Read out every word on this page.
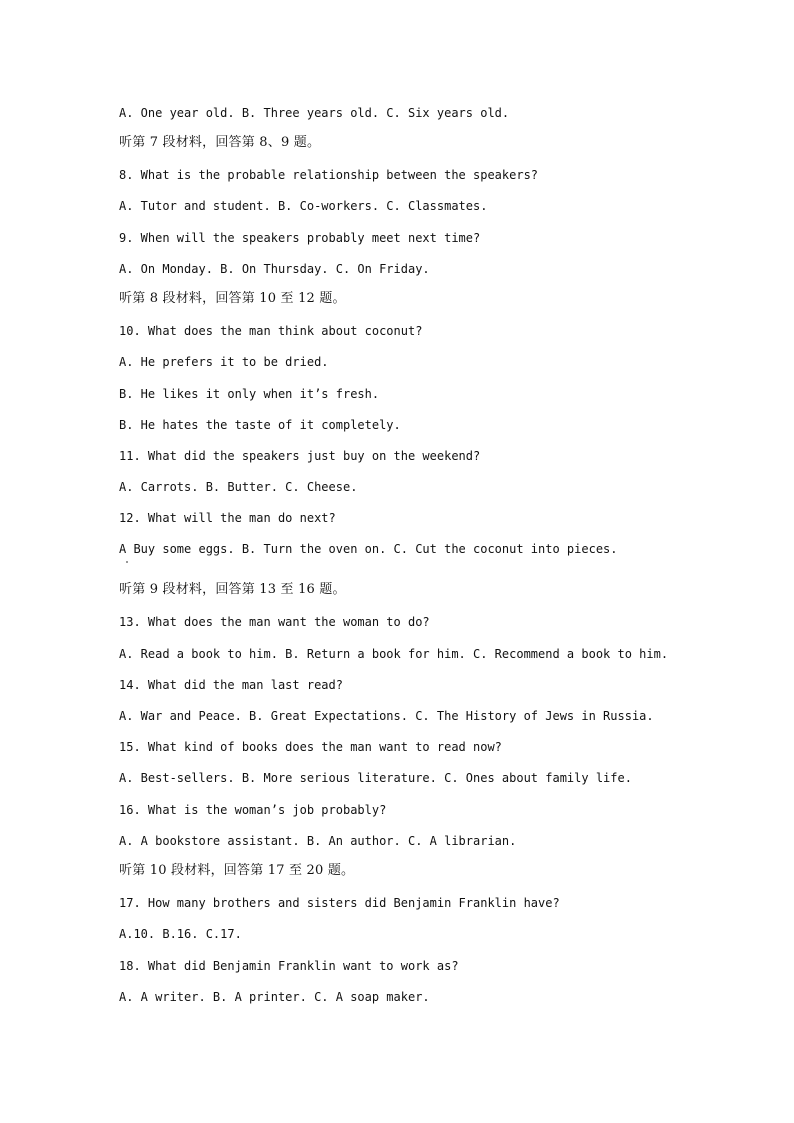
A. One year old. B. Three years old. C. Six years old.
听第 7 段材料，回答第 8、9 题。
8. What is the probable relationship between the speakers?
A. Tutor and student. B. Co-workers. C. Classmates.
9. When will the speakers probably meet next time?
A. On Monday. B. On Thursday. C. On Friday.
听第 8 段材料，回答第 10 至 12 题。
10. What does the man think about coconut?
A. He prefers it to be dried.
B. He likes it only when it’s fresh.
B. He hates the taste of it completely.
11. What did the speakers just buy on the weekend?
A. Carrots. B. Butter. C. Cheese.
12. What will the man do next?
A Buy some eggs. B. Turn the oven on. C. Cut the coconut into pieces.
听第 9 段材料，回答第 13 至 16 题。
13. What does the man want the woman to do?
A. Read a book to him. B. Return a book for him. C. Recommend a book to him.
14. What did the man last read?
A. War and Peace. B. Great Expectations. C. The History of Jews in Russia.
15. What kind of books does the man want to read now?
A. Best-sellers. B. More serious literature. C. Ones about family life.
16. What is the woman’s job probably?
A. A bookstore assistant. B. An author. C. A librarian.
听第 10 段材料，回答第 17 至 20 题。
17. How many brothers and sisters did Benjamin Franklin have?
A.10. B.16. C.17.
18. What did Benjamin Franklin want to work as?
A. A writer. B. A printer. C. A soap maker.
